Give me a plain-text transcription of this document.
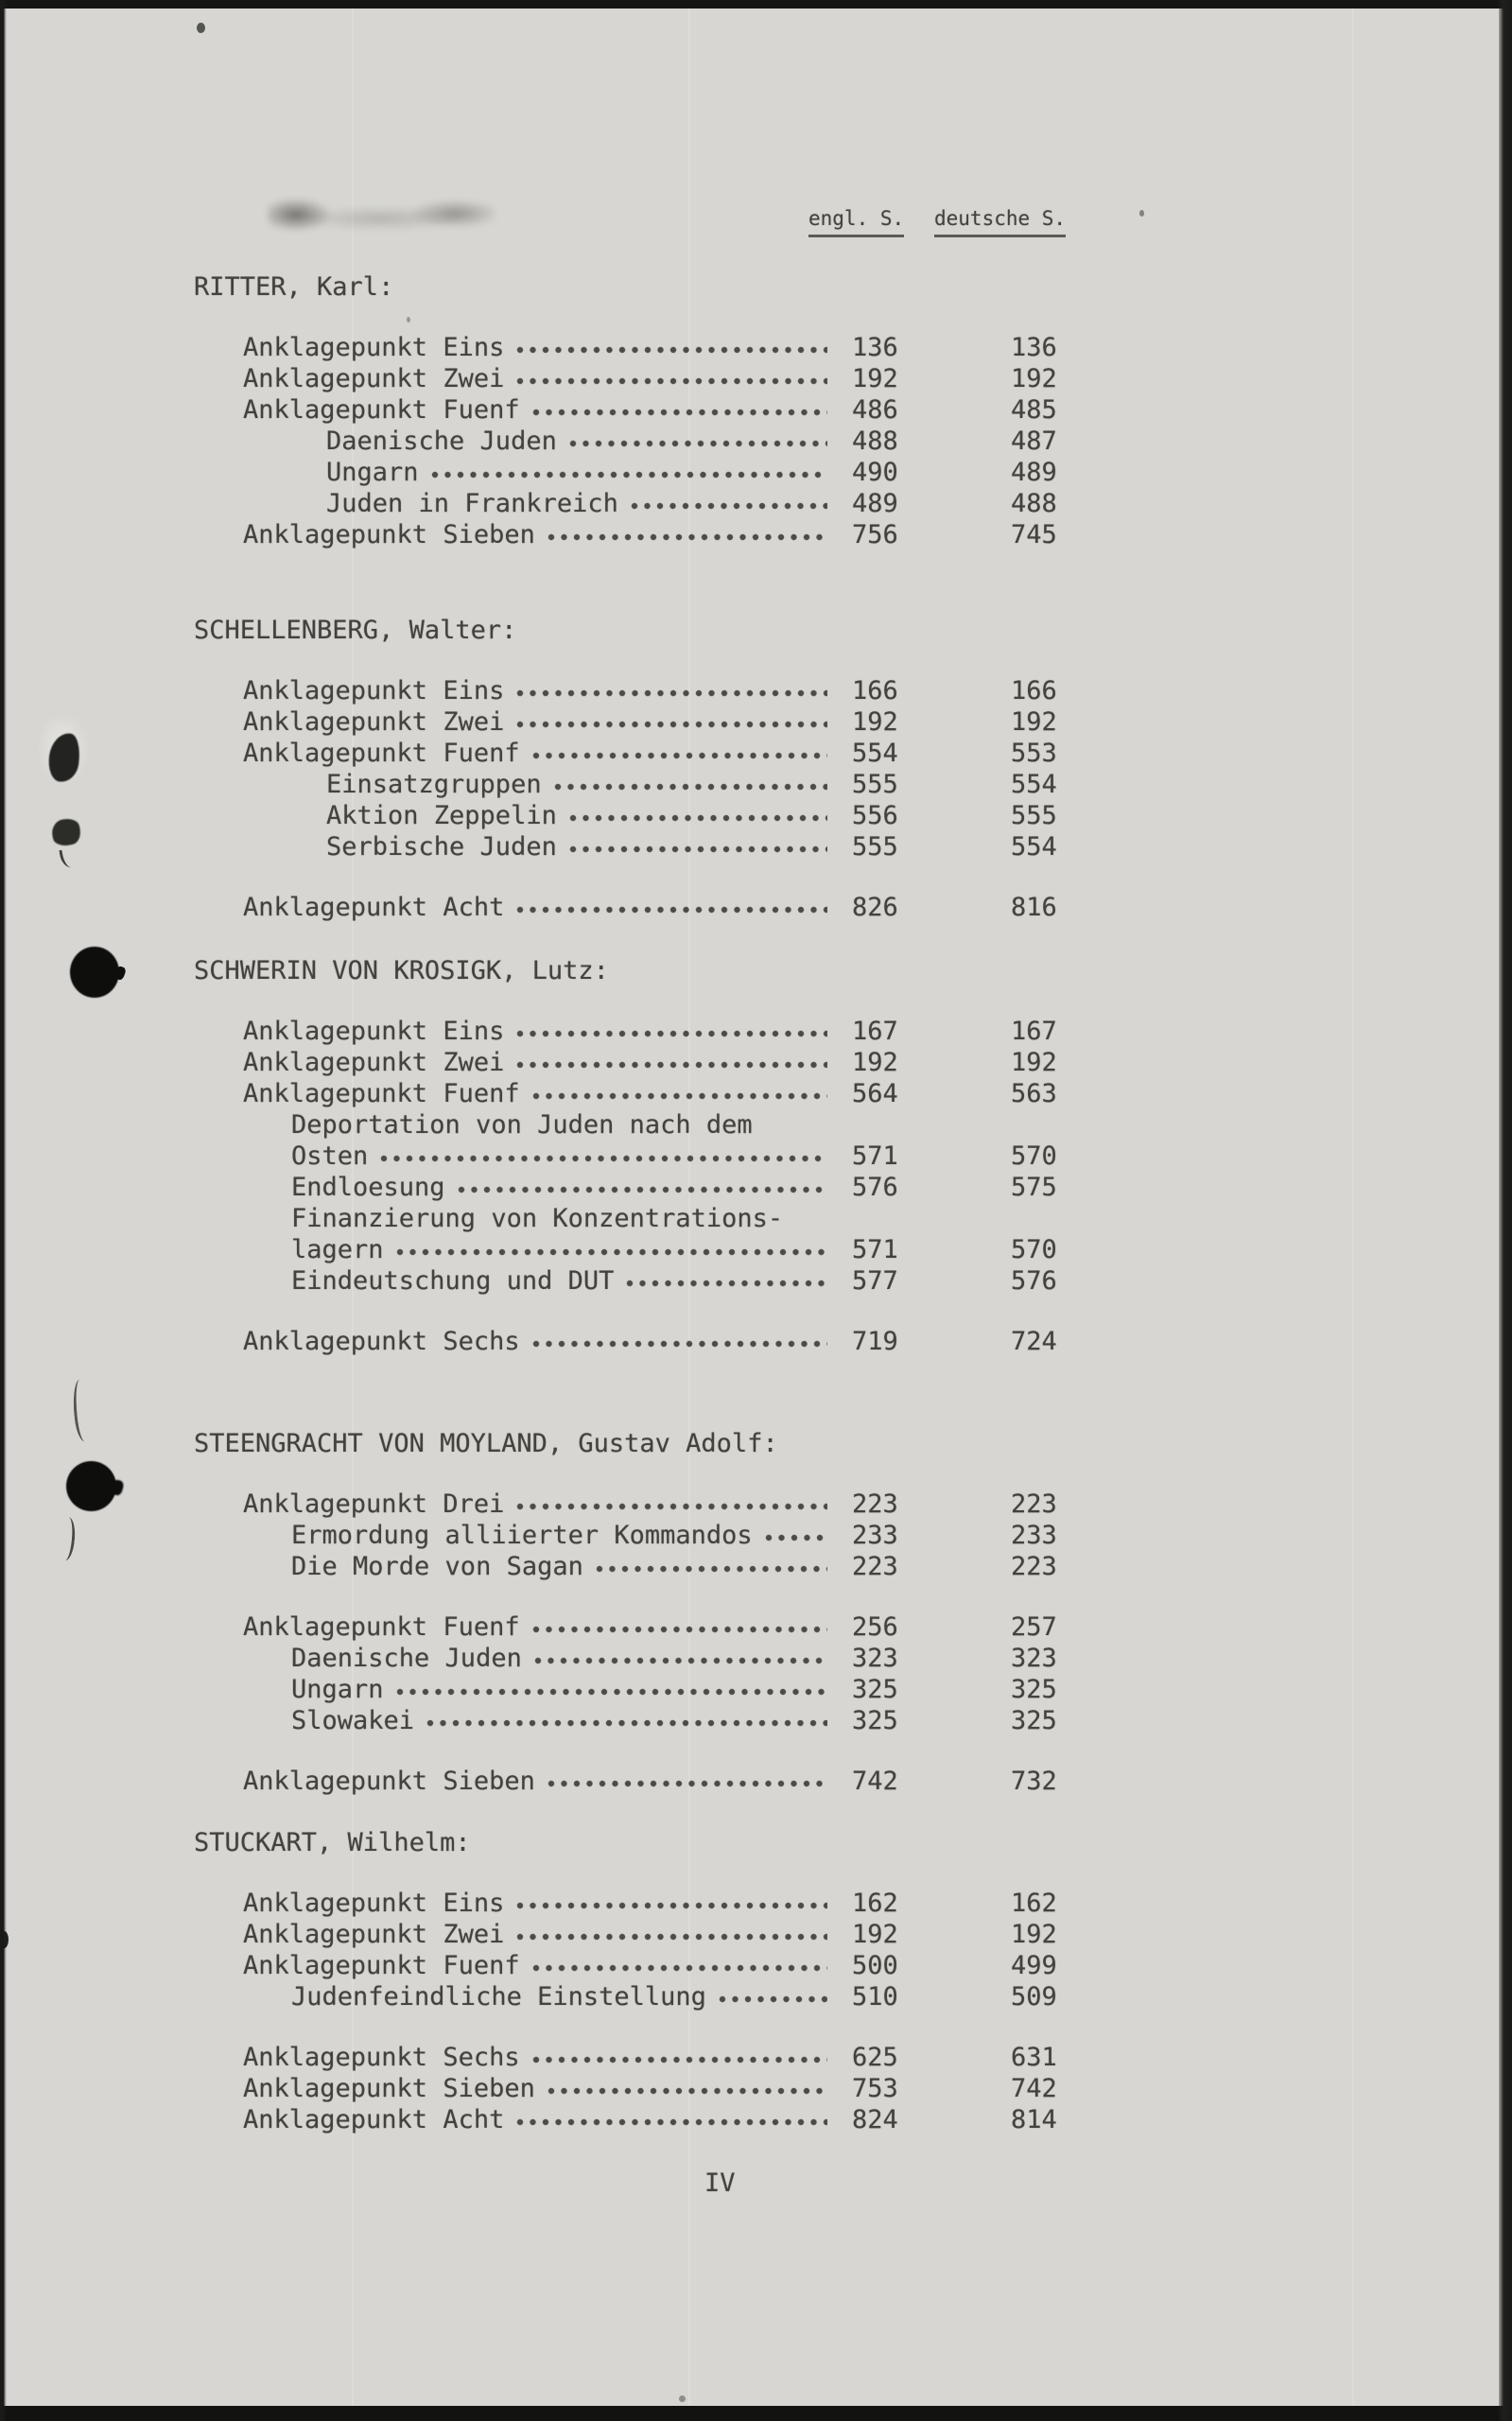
engl. S. deutsche S.
RITTER, Karl:
Anklagepunkt Eins	136	136
Anklagepunkt Zwei	192	192
Anklagepunkt Fuenf	486	485
Daenische Juden	488	487
Ungarn	490	489
Juden in Frankreich	489	488
Anklagepunkt Sieben	756	745
SCHELLENBERG, Walter:
Anklagepunkt Eins	166	166
Anklagepunkt Zwei	192	192
Anklagepunkt Fuenf	554	553
Einsatzgruppen	555	554
Aktion Zeppelin	556	555
Serbische Juden	555	554
Anklagepunkt Acht	826	816
SCHWERIN VON KROSIGK, Lutz:
Anklagepunkt Eins	167	167
Anklagepunkt Zwei	192	192
Anklagepunkt Fuenf	564	563
Deportation von Juden nach dem
Osten	571	570
Endloesung	576	575
Finanzierung von Konzentrations-
lagern	571	570
Eindeutschung und DUT	577	576
Anklagepunkt Sechs	719	724
STEENGRACHT VON MOYLAND, Gustav Adolf:
Anklagepunkt Drei	223	223
Ermordung alliierter Kommandos	233	233
Die Morde von Sagan	223	223
Anklagepunkt Fuenf	256	257
Daenische Juden	323	323
Ungarn	325	325
Slowakei	325	325
Anklagepunkt Sieben	742	732
STUCKART, Wilhelm:
Anklagepunkt Eins	162	162
Anklagepunkt Zwei	192	192
Anklagepunkt Fuenf	500	499
Judenfeindliche Einstellung	510	509
Anklagepunkt Sechs	625	631
Anklagepunkt Sieben	753	742
Anklagepunkt Acht	824	814
IV
